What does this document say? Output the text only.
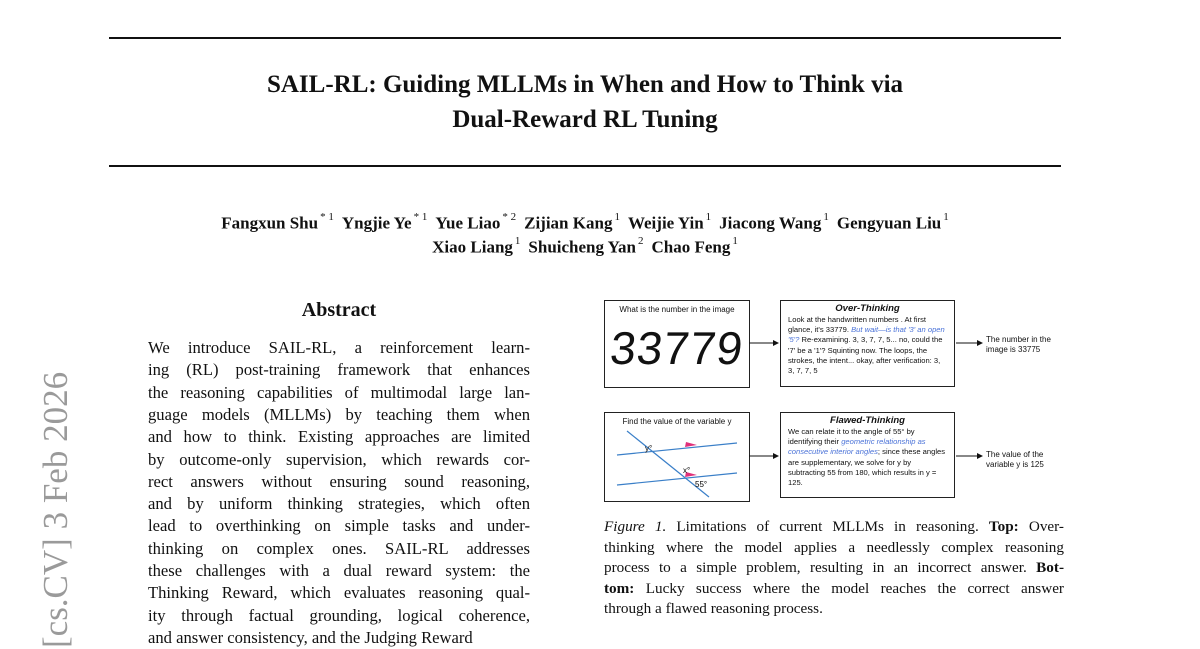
[cs.CV] 3 Feb 2026
SAIL-RL: Guiding MLLMs in When and How to Think via
Dual-Reward RL Tuning
Fangxun Shu $^{* 1}$ Yngjie Ye $^{* 1}$ Yue Liao $^{* 2}$ Zijian Kang $^1$ Weijie Yin $^1$ Jiacong Wang $^1$ Gengyuan Liu $^1$
Xiao Liang $^1$ Shuicheng Yan $^2$ Chao Feng $^1$
Abstract
We introduce SAIL-RL, a reinforcement learn-
ing (RL) post-training framework that enhances
the reasoning capabilities of multimodal large lan-
guage models (MLLMs) by teaching them when
and how to think. Existing approaches are limited
by outcome-only supervision, which rewards cor-
rect answers without ensuring sound reasoning,
and by uniform thinking strategies, which often
lead to overthinking on simple tasks and under-
thinking on complex ones. SAIL-RL addresses
these challenges with a dual reward system: the
Thinking Reward, which evaluates reasoning qual-
ity through factual grounding, logical coherence,
and answer consistency, and the Judging Reward
What is the number in the image
33779
Over-Thinking
Look at the handwritten numbers . At first glance, it's 33779. But wait—is that '3' an open '5'? Re-examining. 3, 3, 7, 7, 5... no, could the '7' be a '1'? Squinting now. The loops, the strokes, the intent... okay, after verification: 3, 3, 7, 7, 5
The number in the image is 33775
Find the value of the variable y
y°
x°
55°
Flawed-Thinking
We can relate it to the angle of 55° by identifying their geometric relationship as consecutive interior angles; since these angles are supplementary, we solve for y by subtracting 55 from 180, which results in y = 125.
The value of the variable y is 125
Figure 1. Limitations of current MLLMs in reasoning. Top: Over-
thinking where the model applies a needlessly complex reasoning
process to a simple problem, resulting in an incorrect answer. Bot-
tom: Lucky success where the model reaches the correct answer
through a flawed reasoning process.
